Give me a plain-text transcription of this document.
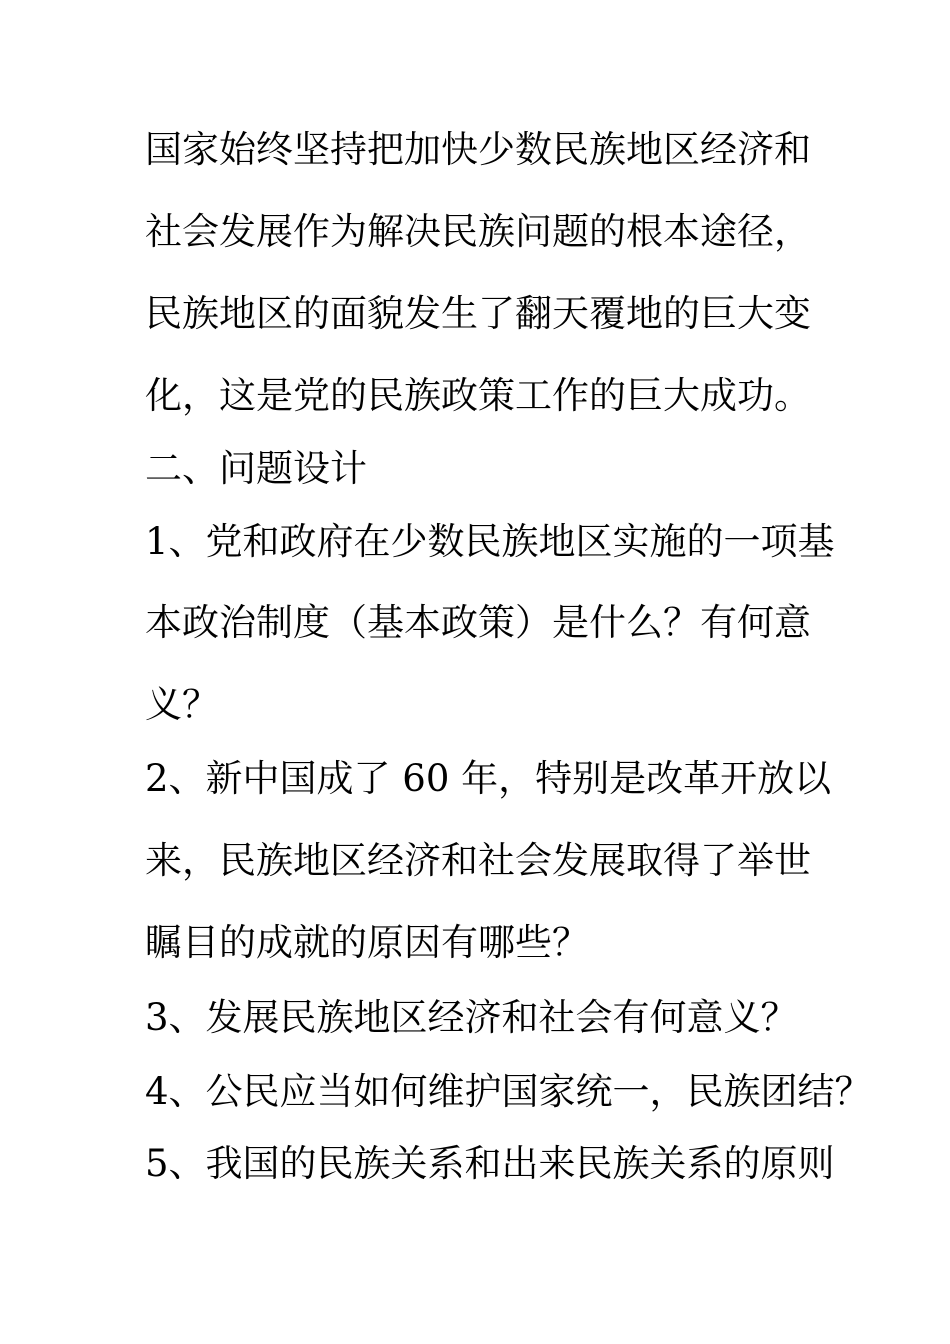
国家始终坚持把加快少数民族地区经济和
社会发展作为解决民族问题的根本途径，
民族地区的面貌发生了翻天覆地的巨大变
化，这是党的民族政策工作的巨大成功。
二、问题设计
1、党和政府在少数民族地区实施的一项基
本政治制度（基本政策）是什么？有何意
义？
2、新中国成了 60 年，特别是改革开放以
来，民族地区经济和社会发展取得了举世
瞩目的成就的原因有哪些？
3、发展民族地区经济和社会有何意义？
4、公民应当如何维护国家统一，民族团结？
5、我国的民族关系和出来民族关系的原则
